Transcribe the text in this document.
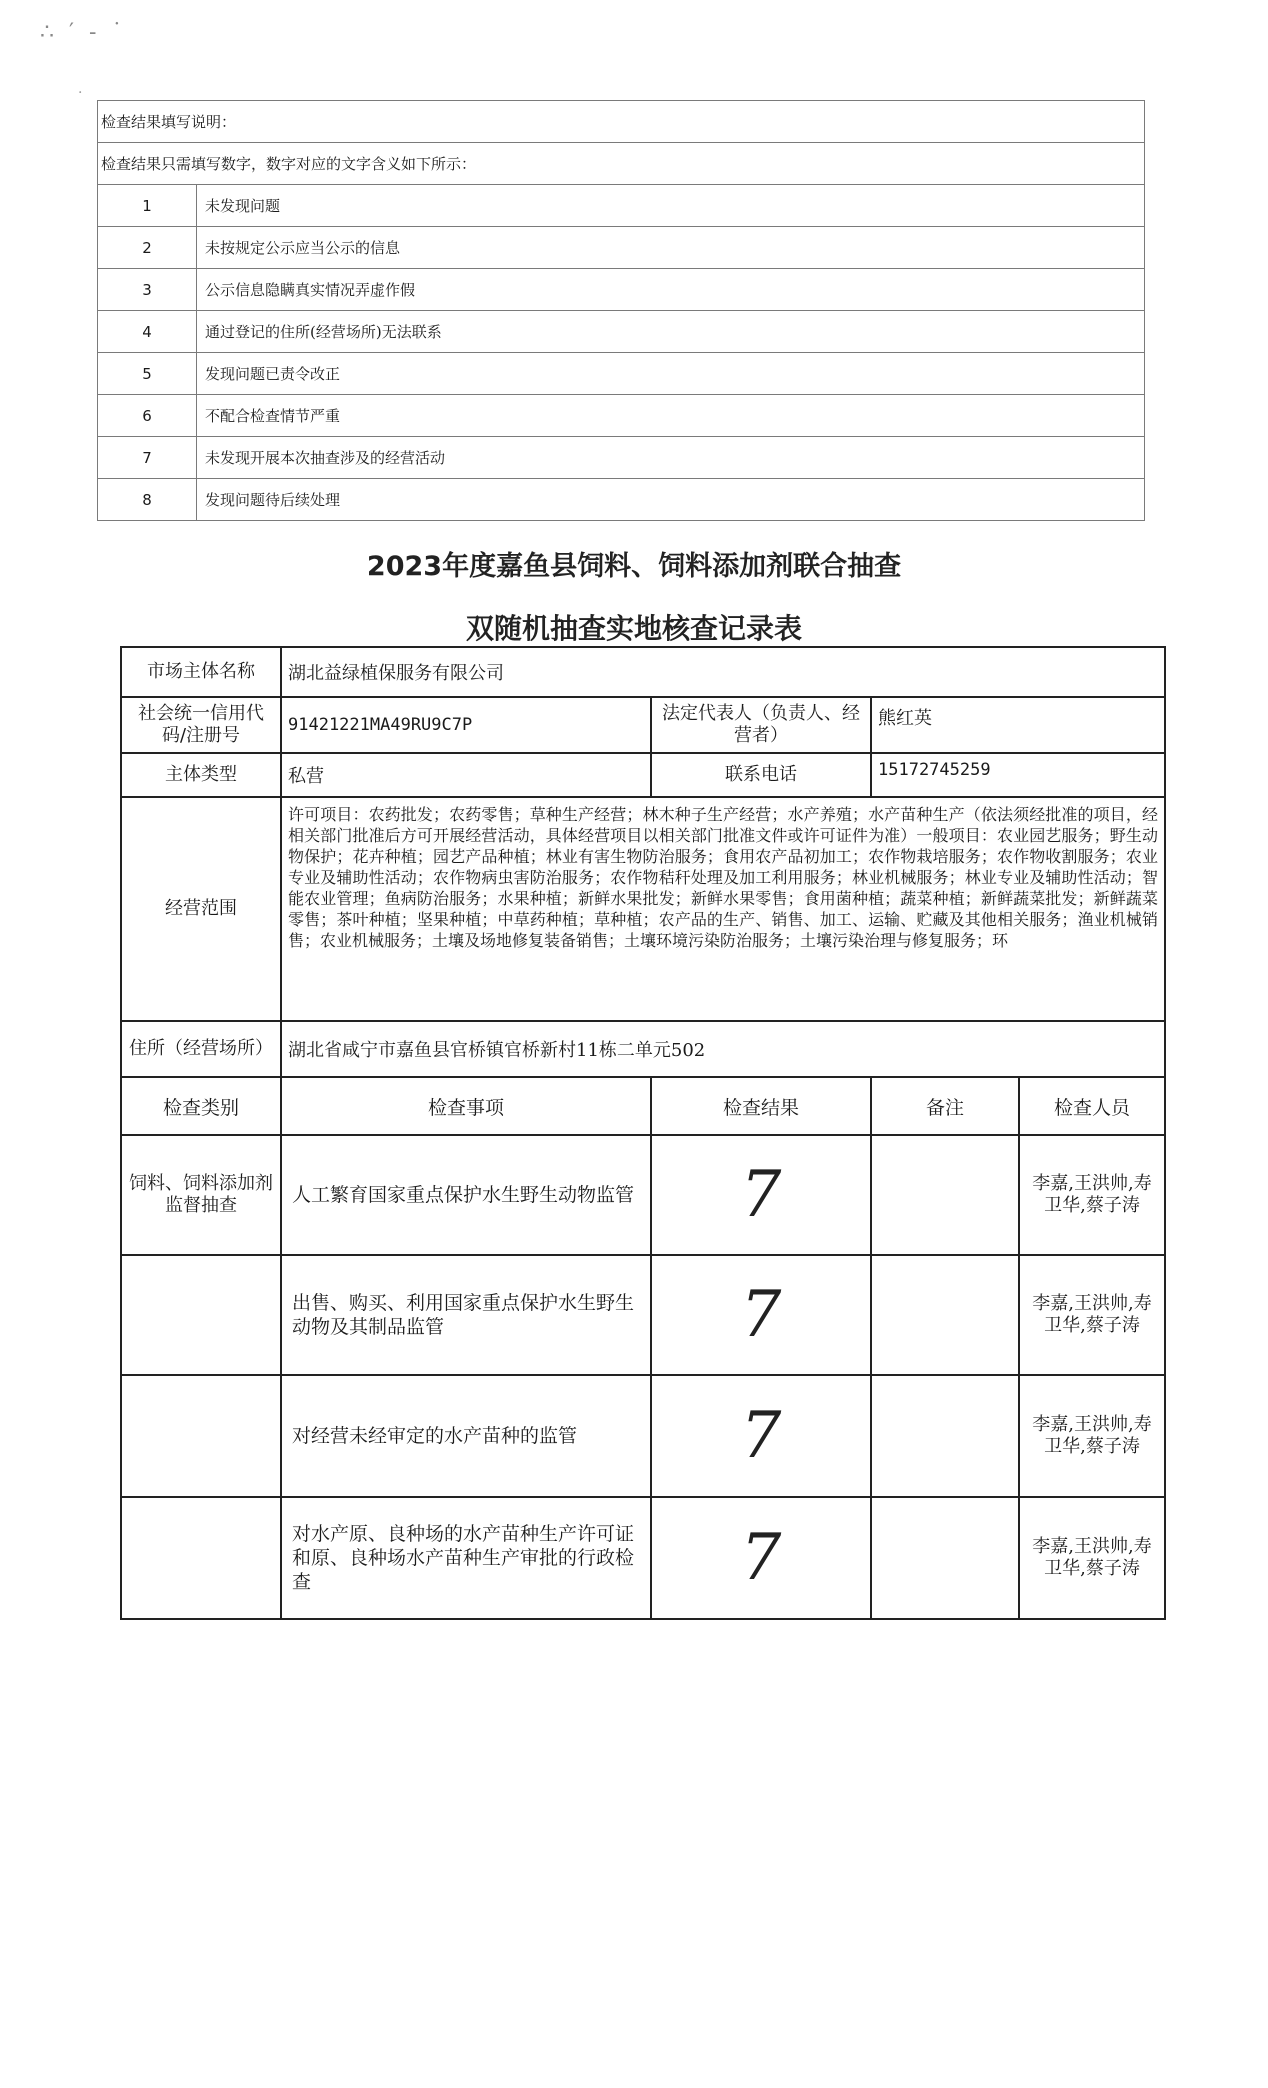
∴ ′ ‐ ˙
·
检查结果填写说明：	
检查结果只需填写数字，数字对应的文字含义如下所示：	
1	未发现问题
2	未按规定公示应当公示的信息
3	公示信息隐瞒真实情况弄虚作假
4	通过登记的住所(经营场所)无法联系
5	发现问题已责令改正
6	不配合检查情节严重
7	未发现开展本次抽查涉及的经营活动
8	发现问题待后续处理
2023年度嘉鱼县饲料、饲料添加剂联合抽查
双随机抽查实地核查记录表
市场主体名称	湖北益绿植保服务有限公司			
社会统一信用代码/注册号	91421221MA49RU9C7P	法定代表人（负责人、经营者）	熊红英	
主体类型	私营	联系电话	15172745259	
经营范围	许可项目：农药批发；农药零售；草种生产经营；林木种子生产经营；水产养殖；水产苗种生产（依法须经批准的项目，经相关部门批准后方可开展经营活动，具体经营项目以相关部门批准文件或许可证件为准）一般项目：农业园艺服务；野生动物保护；花卉种植；园艺产品种植；林业有害生物防治服务；食用农产品初加工；农作物栽培服务；农作物收割服务；农业专业及辅助性活动；农作物病虫害防治服务；农作物秸秆处理及加工利用服务；林业机械服务；林业专业及辅助性活动；智能农业管理；鱼病防治服务；水果种植；新鲜水果批发；新鲜水果零售；食用菌种植；蔬菜种植；新鲜蔬菜批发；新鲜蔬菜零售；茶叶种植；坚果种植；中草药种植；草种植；农产品的生产、销售、加工、运输、贮藏及其他相关服务；渔业机械销售；农业机械服务；土壤及场地修复装备销售；土壤环境污染防治服务；土壤污染治理与修复服务；环			
住所（经营场所）	湖北省咸宁市嘉鱼县官桥镇官桥新村11栋二单元502			
检查类别	检查事项	检查结果	备注	检查人员
饲料、饲料添加剂监督抽查	人工繁育国家重点保护水生野生动物监管	7		李嘉,王洪帅,寿卫华,蔡子涛
	出售、购买、利用国家重点保护水生野生动物及其制品监管	7		李嘉,王洪帅,寿卫华,蔡子涛
	对经营未经审定的水产苗种的监管	7		李嘉,王洪帅,寿卫华,蔡子涛
	对水产原、良种场的水产苗种生产许可证和原、良种场水产苗种生产审批的行政检查	7		李嘉,王洪帅,寿卫华,蔡子涛
